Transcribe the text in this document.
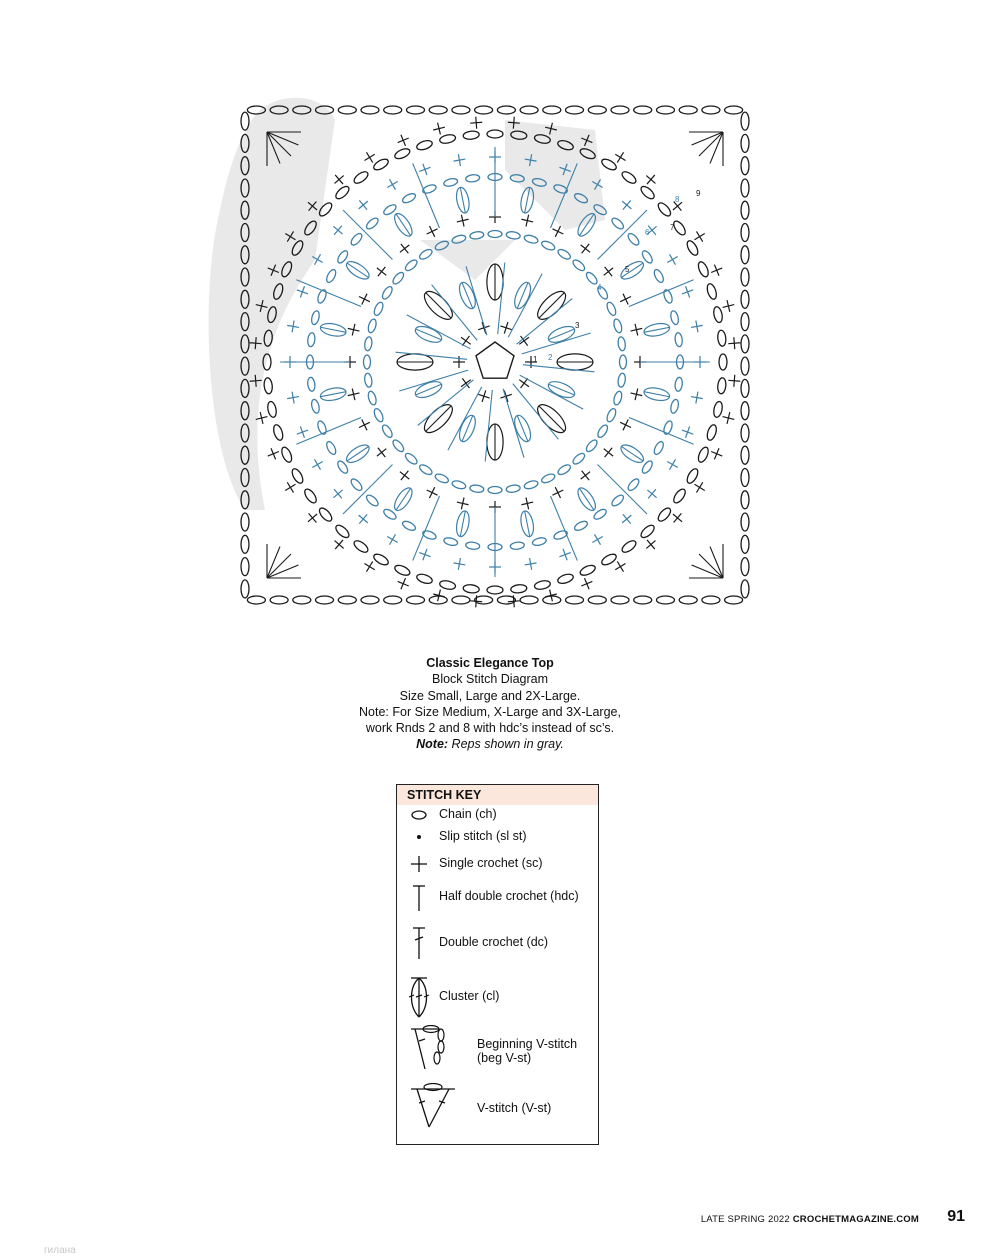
1 2
3
4
5
6
7
8
9
Classic Elegance Top
Block Stitch Diagram
Size Small, Large and 2X-Large.
Note: For Size Medium, X-Large and 3X-Large,
work Rnds 2 and 8 with hdc’s instead of sc’s.
Note: Reps shown in gray.
STITCH KEY
Chain (ch)
Slip stitch (sl st)
Single crochet (sc)
Half double crochet (hdc)
Double crochet (dc)
Cluster (cl)
Beginning V-stitch
(beg V-st)
V-stitch (V-st)
LATE SPRING 2022 CROCHETMAGAZINE.COM 91
гилана
